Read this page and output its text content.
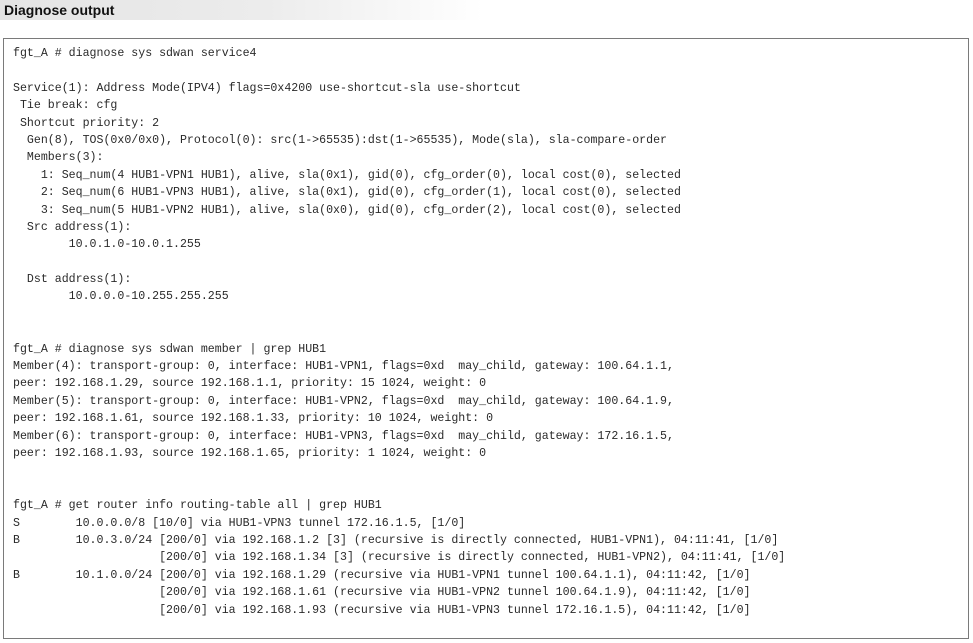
Diagnose output
fgt_A # diagnose sys sdwan service4
Service(1): Address Mode(IPV4) flags=0x4200 use-shortcut-sla use-shortcut
Tie break: cfg
Shortcut priority: 2
Gen(8), TOS(0x0/0x0), Protocol(0): src(1->65535):dst(1->65535), Mode(sla), sla-compare-order
Members(3):
1: Seq_num(4 HUB1-VPN1 HUB1), alive, sla(0x1), gid(0), cfg_order(0), local cost(0), selected
2: Seq_num(6 HUB1-VPN3 HUB1), alive, sla(0x1), gid(0), cfg_order(1), local cost(0), selected
3: Seq_num(5 HUB1-VPN2 HUB1), alive, sla(0x0), gid(0), cfg_order(2), local cost(0), selected
Src address(1):
10.0.1.0-10.0.1.255
Dst address(1):
10.0.0.0-10.255.255.255
fgt_A # diagnose sys sdwan member | grep HUB1
Member(4): transport-group: 0, interface: HUB1-VPN1, flags=0xd  may_child, gateway: 100.64.1.1,
peer: 192.168.1.29, source 192.168.1.1, priority: 15 1024, weight: 0
Member(5): transport-group: 0, interface: HUB1-VPN2, flags=0xd  may_child, gateway: 100.64.1.9,
peer: 192.168.1.61, source 192.168.1.33, priority: 10 1024, weight: 0
Member(6): transport-group: 0, interface: HUB1-VPN3, flags=0xd  may_child, gateway: 172.16.1.5,
peer: 192.168.1.93, source 192.168.1.65, priority: 1 1024, weight: 0
fgt_A # get router info routing-table all | grep HUB1
S        10.0.0.0/8 [10/0] via HUB1-VPN3 tunnel 172.16.1.5, [1/0]
B        10.0.3.0/24 [200/0] via 192.168.1.2 [3] (recursive is directly connected, HUB1-VPN1), 04:11:41, [1/0]
[200/0] via 192.168.1.34 [3] (recursive is directly connected, HUB1-VPN2), 04:11:41, [1/0]
B        10.1.0.0/24 [200/0] via 192.168.1.29 (recursive via HUB1-VPN1 tunnel 100.64.1.1), 04:11:42, [1/0]
[200/0] via 192.168.1.61 (recursive via HUB1-VPN2 tunnel 100.64.1.9), 04:11:42, [1/0]
[200/0] via 192.168.1.93 (recursive via HUB1-VPN3 tunnel 172.16.1.5), 04:11:42, [1/0]
